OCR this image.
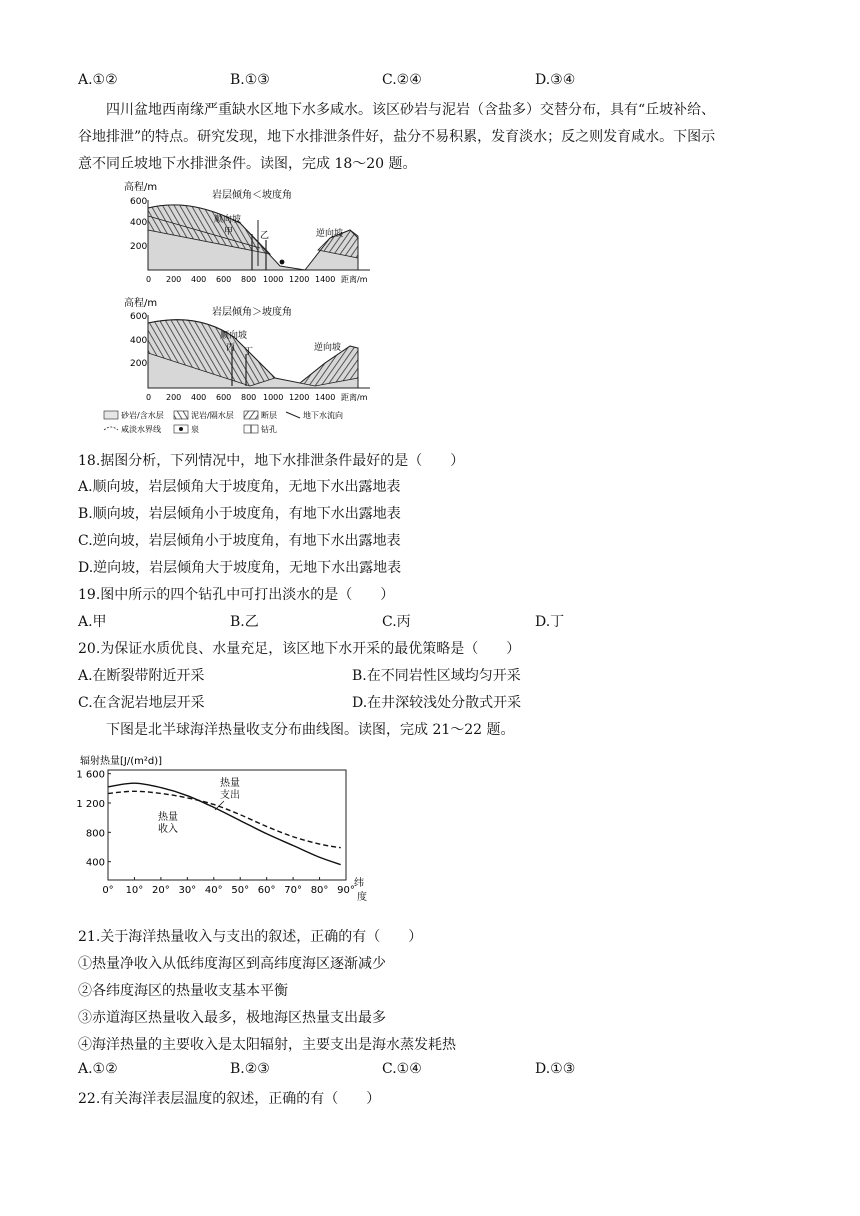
A.①②	B.①③	C.②④	D.③④
四川盆地西南缘严重缺水区地下水多咸水。该区砂岩与泥岩（含盐多）交替分布，具有“丘坡补给、
谷地排泄”的特点。研究发现，地下水排泄条件好，盐分不易积累，发育淡水；反之则发育咸水。下图示
意不同丘坡地下水排泄条件。读图，完成 18～20 题。
高程/m
600
400
200
岩层倾角＜坡度角
顺向坡
甲	乙	逆向坡
0 200 400 600 800 1000 1200 1400 距离/m
高程/m
600
400
200
岩层倾角＞坡度角
顺向坡
丙 丁	逆向坡
0 200 400 600 800 1000 1200 1400 距离/m
砂岩/含水层	泥岩/隔水层	断层	地下水流向
咸淡水界线	泉	钻孔
18.据图分析，下列情况中，地下水排泄条件最好的是（　　）
A.顺向坡，岩层倾角大于坡度角，无地下水出露地表
B.顺向坡，岩层倾角小于坡度角，有地下水出露地表
C.逆向坡，岩层倾角小于坡度角，有地下水出露地表
D.逆向坡，岩层倾角大于坡度角，无地下水出露地表
19.图中所示的四个钻孔中可打出淡水的是（　　）
A.甲	B.乙	C.丙	D.丁
20.为保证水质优良、水量充足，该区地下水开采的最优策略是（　　）
A.在断裂带附近开采	B.在不同岩性区域均匀开采
C.在含泥岩地层开采	D.在井深较浅处分散式开采
下图是北半球海洋热量收支分布曲线图。读图，完成 21～22 题。
辐射热量[J/(m²d)]
1 600
1 200
800
400
0° 10° 20° 30° 40° 50° 60° 70° 80° 90°
热量
收入
热量
支出
纬
度
21.关于海洋热量收入与支出的叙述，正确的有（　　）
①热量净收入从低纬度海区到高纬度海区逐渐减少
②各纬度海区的热量收支基本平衡
③赤道海区热量收入最多，极地海区热量支出最多
④海洋热量的主要收入是太阳辐射，主要支出是海水蒸发耗热
A.①②	B.②③	C.①④	D.①③
22.有关海洋表层温度的叙述，正确的有（　　）
